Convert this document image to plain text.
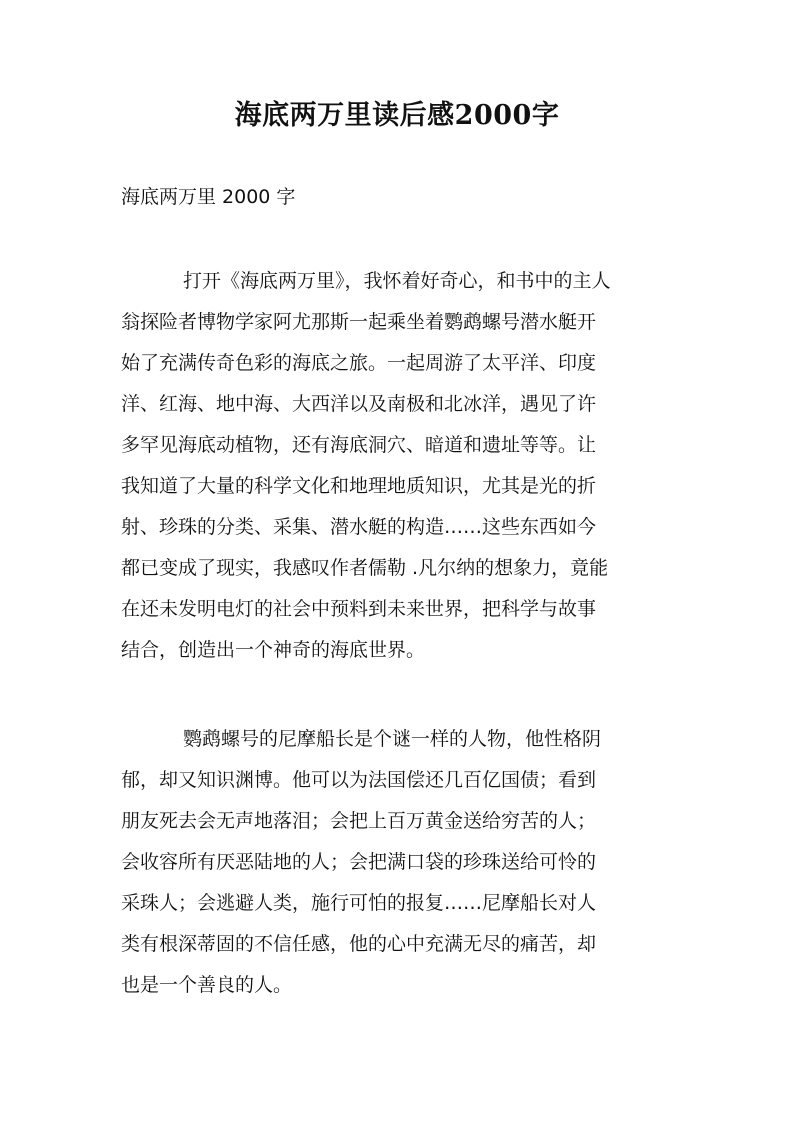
海底两万里读后感2000字

海底两万里 2000 字

打开《海底两万里》，我怀着好奇心，和书中的主人
翁探险者博物学家阿尤那斯一起乘坐着鹦鹉螺号潜水艇开
始了充满传奇色彩的海底之旅。一起周游了太平洋、印度
洋、红海、地中海、大西洋以及南极和北冰洋，遇见了许
多罕见海底动植物，还有海底洞穴、暗道和遗址等等。让
我知道了大量的科学文化和地理地质知识，尤其是光的折
射、珍珠的分类、采集、潜水艇的构造……这些东西如今
都已变成了现实，我感叹作者儒勒 .凡尔纳的想象力，竟能
在还未发明电灯的社会中预料到未来世界，把科学与故事
结合，创造出一个神奇的海底世界。
鹦鹉螺号的尼摩船长是个谜一样的人物，他性格阴
郁，却又知识渊博。他可以为法国偿还几百亿国债；看到
朋友死去会无声地落泪；会把上百万黄金送给穷苦的人；
会收容所有厌恶陆地的人；会把满口袋的珍珠送给可怜的
采珠人；会逃避人类，施行可怕的报复……尼摩船长对人
类有根深蒂固的不信任感，他的心中充满无尽的痛苦，却
也是一个善良的人。
